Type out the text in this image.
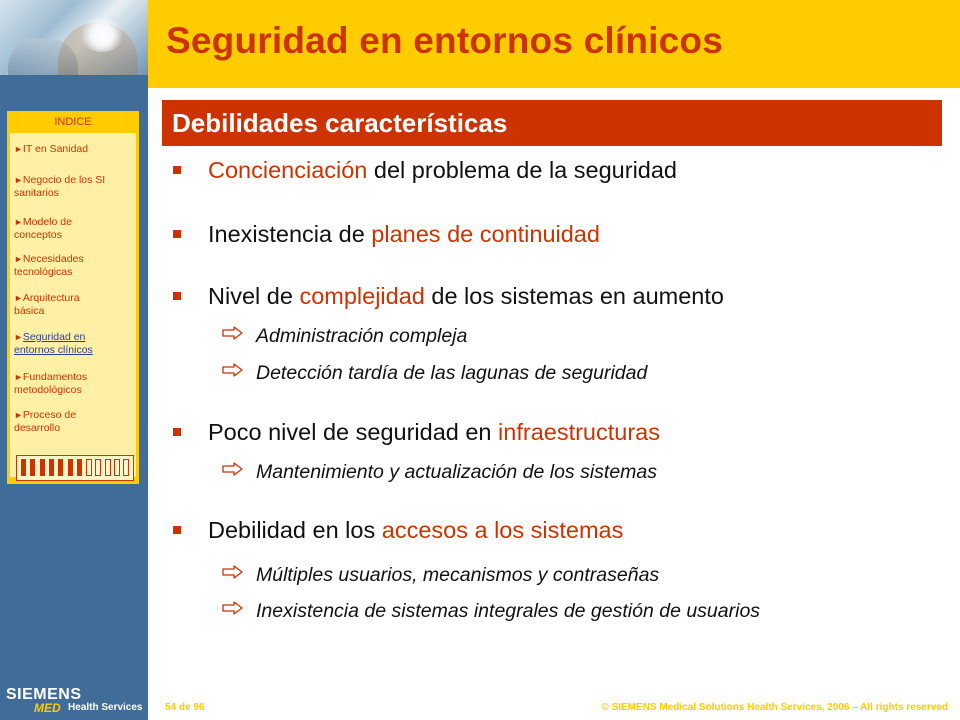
Seguridad en entornos clínicos
Debilidades características
INDICE
►IT en Sanidad
►Negocio de los SI
sanitarios
►Modelo de
conceptos
►Necesidades
tecnológicas
►Arquitectura
básica
►Seguridad en
entornos clínicos
►Fundamentos
metodológicos
►Proceso de
desarrollo
Concienciación del problema de la seguridad
Inexistencia de planes de continuidad
Nivel de complejidad de los sistemas en aumento
Administración compleja
Detección tardía de las lagunas de seguridad
Poco nivel de seguridad en infraestructuras
Mantenimiento y actualización de los sistemas
Debilidad en los accesos a los sistemas
Múltiples usuarios, mecanismos y contraseñas
Inexistencia de sistemas integrales de gestión de usuarios
SIEMENS
MED Health Services 54 de 96	© SIEMENS Medical Solutions Health Services, 2006 – All rights reserved
